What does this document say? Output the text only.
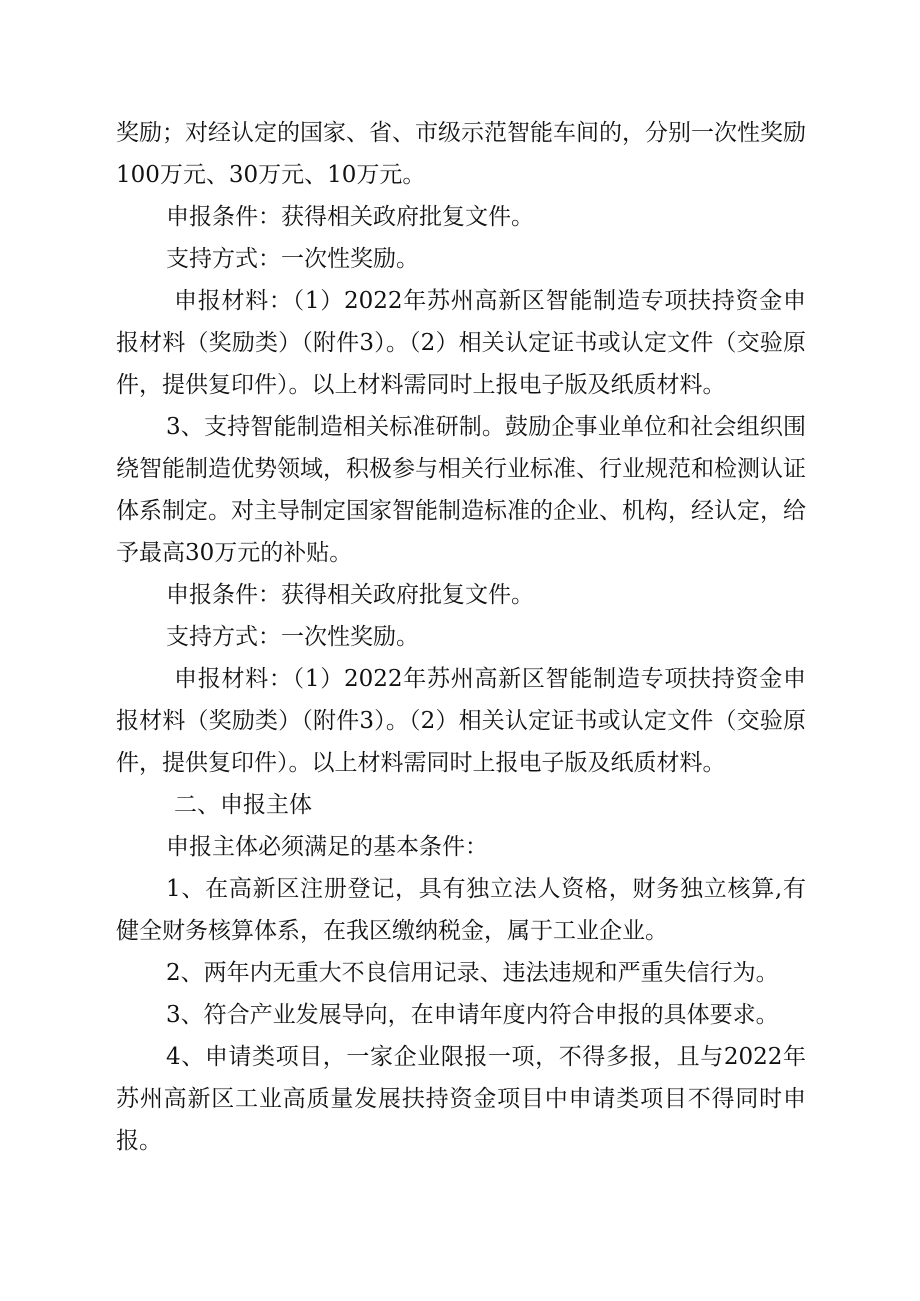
奖励；对经认定的国家、省、市级示范智能车间的，分别一次性奖励100万元、30万元、10万元。

申报条件：获得相关政府批复文件。

支持方式：一次性奖励。

申报材料：（1）2022年苏州高新区智能制造专项扶持资金申报材料（奖励类）（附件3）。（2）相关认定证书或认定文件（交验原件，提供复印件）。以上材料需同时上报电子版及纸质材料。

3、支持智能制造相关标准研制。鼓励企事业单位和社会组织围绕智能制造优势领域，积极参与相关行业标准、行业规范和检测认证体系制定。对主导制定国家智能制造标准的企业、机构，经认定，给予最高30万元的补贴。

申报条件：获得相关政府批复文件。

支持方式：一次性奖励。

申报材料：（1）2022年苏州高新区智能制造专项扶持资金申报材料（奖励类）（附件3）。（2）相关认定证书或认定文件（交验原件，提供复印件）。以上材料需同时上报电子版及纸质材料。

二、申报主体

申报主体必须满足的基本条件：

1、在高新区注册登记，具有独立法人资格，财务独立核算,有健全财务核算体系，在我区缴纳税金，属于工业企业。

2、两年内无重大不良信用记录、违法违规和严重失信行为。

3、符合产业发展导向，在申请年度内符合申报的具体要求。

4、申请类项目，一家企业限报一项，不得多报，且与2022年苏州高新区工业高质量发展扶持资金项目中申请类项目不得同时申报。
